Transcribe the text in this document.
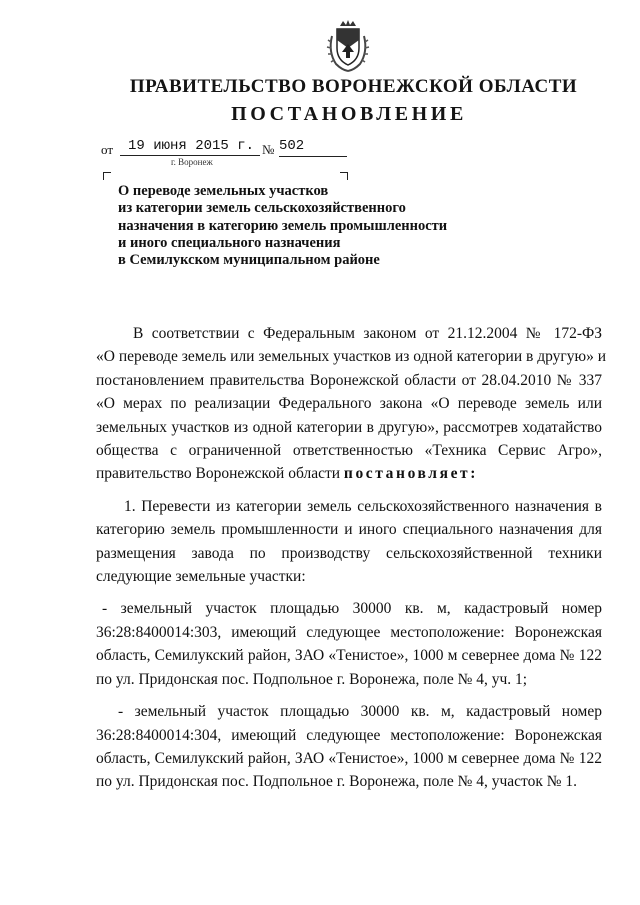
ПРАВИТЕЛЬСТВО ВОРОНЕЖСКОЙ ОБЛАСТИ
ПОСТАНОВЛЕНИЕ
от	19 июня 2015 г. № 502
г. Воронеж
О переводе земельных участков
из категории земель сельскохозяйственного
назначения в категорию земель промышленности
и иного специального назначения
в Семилукском муниципальном районе
В соответствии с Федеральным законом от 21.12.2004 № 172-ФЗ
«О переводе земель или земельных участков из одной категории в другую» и
постановлением правительства Воронежской области от 28.04.2010 № 337
«О мерах по реализации Федерального закона «О переводе земель или
земельных участков из одной категории в другую», рассмотрев ходатайство
общества с ограниченной ответственностью «Техника Сервис Агро»,
правительство Воронежской области постановляет:
1. Перевести из категории земель сельскохозяйственного назначения в
категорию земель промышленности и иного специального назначения для
размещения завода по производству сельскохозяйственной техники
следующие земельные участки:
- земельный участок площадью 30000 кв. м, кадастровый номер
36:28:8400014:303, имеющий следующее местоположение: Воронежская
область, Семилукский район, ЗАО «Тенистое», 1000 м севернее дома № 122
по ул. Придонская пос. Подпольное г. Воронежа, поле № 4, уч. 1;
- земельный участок площадью 30000 кв. м, кадастровый номер
36:28:8400014:304, имеющий следующее местоположение: Воронежская
область, Семилукский район, ЗАО «Тенистое», 1000 м севернее дома № 122
по ул. Придонская пос. Подпольное г. Воронежа, поле № 4, участок № 1.
